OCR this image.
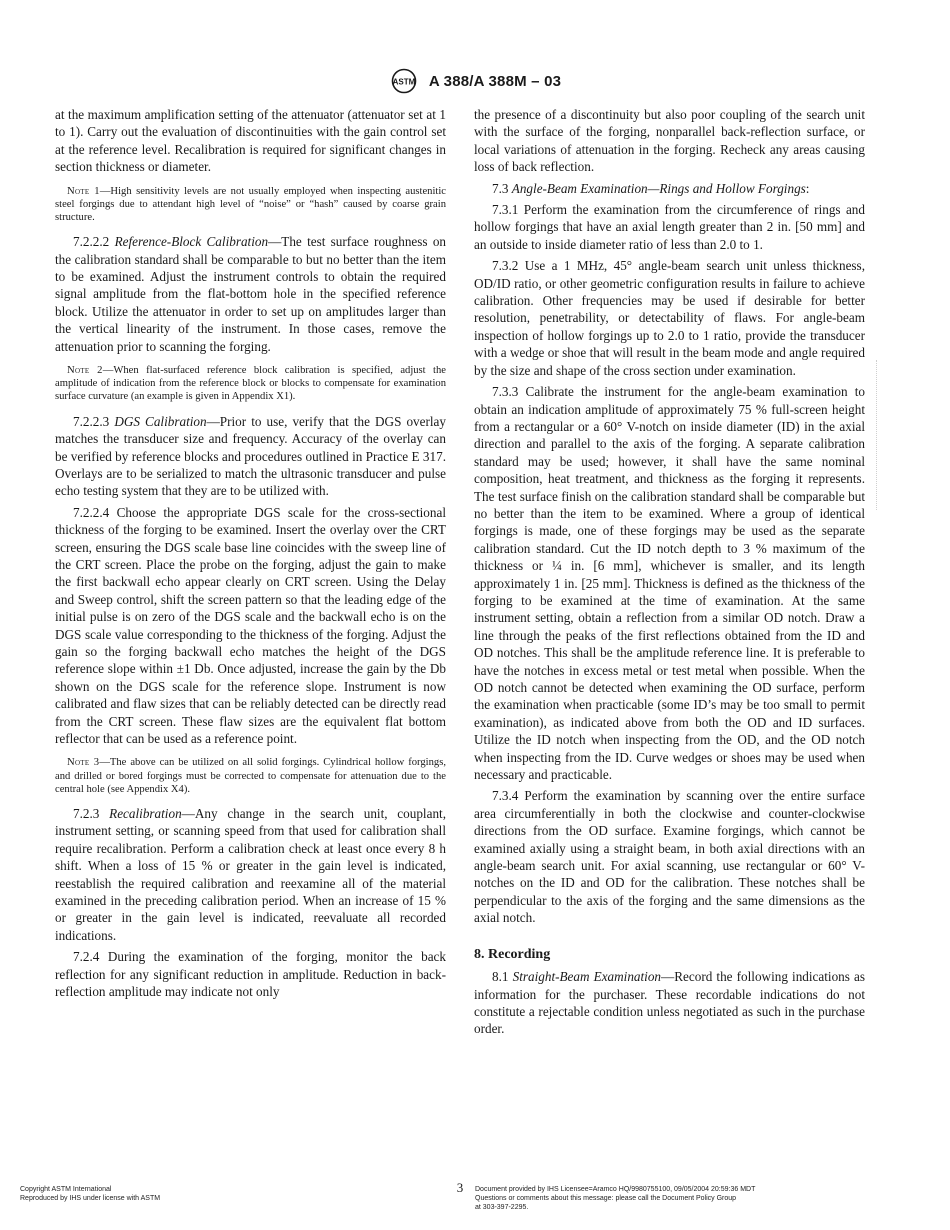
ASTM A 388/A 388M – 03

at the maximum amplification setting of the attenuator (attenuator set at 1 to 1). Carry out the evaluation of discontinuities with the gain control set at the reference level. Recalibration is required for significant changes in section thickness or diameter.

Note 1—High sensitivity levels are not usually employed when inspecting austenitic steel forgings due to attendant high level of “noise” or “hash” caused by coarse grain structure.

7.2.2.2 Reference-Block Calibration—The test surface roughness on the calibration standard shall be comparable to but no better than the item to be examined. Adjust the instrument controls to obtain the required signal amplitude from the flat-bottom hole in the specified reference block. Utilize the attenuator in order to set up on amplitudes larger than the vertical linearity of the instrument. In those cases, remove the attenuation prior to scanning the forging.

Note 2—When flat-surfaced reference block calibration is specified, adjust the amplitude of indication from the reference block or blocks to compensate for examination surface curvature (an example is given in Appendix X1).

7.2.2.3 DGS Calibration—Prior to use, verify that the DGS overlay matches the transducer size and frequency. Accuracy of the overlay can be verified by reference blocks and procedures outlined in Practice E 317. Overlays are to be serialized to match the ultrasonic transducer and pulse echo testing system that they are to be utilized with.

7.2.2.4 Choose the appropriate DGS scale for the cross-sectional thickness of the forging to be examined. Insert the overlay over the CRT screen, ensuring the DGS scale base line coincides with the sweep line of the CRT screen. Place the probe on the forging, adjust the gain to make the first backwall echo appear clearly on CRT screen. Using the Delay and Sweep control, shift the screen pattern so that the leading edge of the initial pulse is on zero of the DGS scale and the backwall echo is on the DGS scale value corresponding to the thickness of the forging. Adjust the gain so the forging backwall echo matches the height of the DGS reference slope within ±1 Db. Once adjusted, increase the gain by the Db shown on the DGS scale for the reference slope. Instrument is now calibrated and flaw sizes that can be reliably detected can be directly read from the CRT screen. These flaw sizes are the equivalent flat bottom reflector that can be used as a reference point.

Note 3—The above can be utilized on all solid forgings. Cylindrical hollow forgings, and drilled or bored forgings must be corrected to compensate for attenuation due to the central hole (see Appendix X4).

7.2.3 Recalibration—Any change in the search unit, couplant, instrument setting, or scanning speed from that used for calibration shall require recalibration. Perform a calibration check at least once every 8 h shift. When a loss of 15 % or greater in the gain level is indicated, reestablish the required calibration and reexamine all of the material examined in the preceding calibration period. When an increase of 15 % or greater in the gain level is indicated, reevaluate all recorded indications.

7.2.4 During the examination of the forging, monitor the back reflection for any significant reduction in amplitude. Reduction in back-reflection amplitude may indicate not only

the presence of a discontinuity but also poor coupling of the search unit with the surface of the forging, nonparallel back-reflection surface, or local variations of attenuation in the forging. Recheck any areas causing loss of back reflection.

7.3 Angle-Beam Examination—Rings and Hollow Forgings:

7.3.1 Perform the examination from the circumference of rings and hollow forgings that have an axial length greater than 2 in. [50 mm] and an outside to inside diameter ratio of less than 2.0 to 1.

7.3.2 Use a 1 MHz, 45° angle-beam search unit unless thickness, OD/ID ratio, or other geometric configuration results in failure to achieve calibration. Other frequencies may be used if desirable for better resolution, penetrability, or detectability of flaws. For angle-beam inspection of hollow forgings up to 2.0 to 1 ratio, provide the transducer with a wedge or shoe that will result in the beam mode and angle required by the size and shape of the cross section under examination.

7.3.3 Calibrate the instrument for the angle-beam examination to obtain an indication amplitude of approximately 75 % full-screen height from a rectangular or a 60° V-notch on inside diameter (ID) in the axial direction and parallel to the axis of the forging. A separate calibration standard may be used; however, it shall have the same nominal composition, heat treatment, and thickness as the forging it represents. The test surface finish on the calibration standard shall be comparable but no better than the item to be examined. Where a group of identical forgings is made, one of these forgings may be used as the separate calibration standard. Cut the ID notch depth to 3 % maximum of the thickness or ¼ in. [6 mm], whichever is smaller, and its length approximately 1 in. [25 mm]. Thickness is defined as the thickness of the forging to be examined at the time of examination. At the same instrument setting, obtain a reflection from a similar OD notch. Draw a line through the peaks of the first reflections obtained from the ID and OD notches. This shall be the amplitude reference line. It is preferable to have the notches in excess metal or test metal when possible. When the OD notch cannot be detected when examining the OD surface, perform the examination when practicable (some ID’s may be too small to permit examination), as indicated above from both the OD and ID surfaces. Utilize the ID notch when inspecting from the OD, and the OD notch when inspecting from the ID. Curve wedges or shoes may be used when necessary and practicable.

7.3.4 Perform the examination by scanning over the entire surface area circumferentially in both the clockwise and counter-clockwise directions from the OD surface. Examine forgings, which cannot be examined axially using a straight beam, in both axial directions with an angle-beam search unit. For axial scanning, use rectangular or 60° V-notches on the ID and OD for the calibration. These notches shall be perpendicular to the axis of the forging and the same dimensions as the axial notch.

8. Recording

8.1 Straight-Beam Examination—Record the following indications as information for the purchaser. These recordable indications do not constitute a rejectable condition unless negotiated as such in the purchase order.

Copyright ASTM International
Reproduced by IHS under license with ASTM
3	Document provided by IHS Licensee=Aramco HQ/9980755100, 09/05/2004 20:59:36 MDT
Questions or comments about this message: please call the Document Policy Group
at 303-397-2295.
